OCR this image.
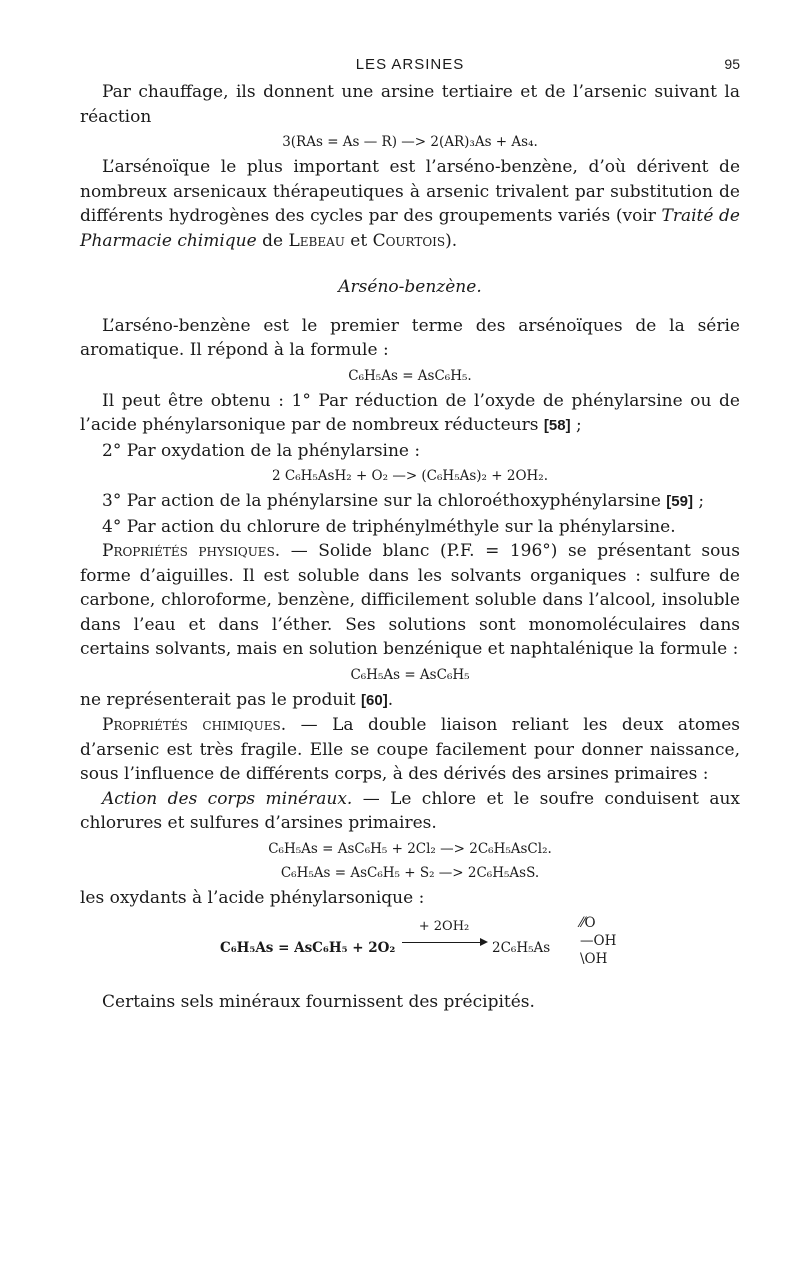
LES ARSINES	95

Par chauffage, ils donnent une arsine tertiaire et de l’arsenic suivant la réaction

3(RAs = As — R) —> 2(AR)₃As + As₄.

L’arsénoïque le plus important est l’arséno-benzène, d’où dérivent de nombreux arsenicaux thérapeutiques à arsenic trivalent par substitution de différents hydrogènes des cycles par des groupements variés (voir Traité de Pharmacie chimique de Lebeau et Courtois).

Arséno-benzène.

L’arséno-benzène est le premier terme des arsénoïques de la série aromatique. Il répond à la formule :

C₆H₅As = AsC₆H₅.

Il peut être obtenu : 1° Par réduction de l’oxyde de phénylarsine ou de l’acide phénylarsonique par de nombreux réducteurs [58] ;

2° Par oxydation de la phénylarsine :

2 C₆H₅AsH₂ + O₂ —> (C₆H₅As)₂ + 2OH₂.

3° Par action de la phénylarsine sur la chloroéthoxyphénylarsine [59] ;

4° Par action du chlorure de triphénylméthyle sur la phénylarsine.

Propriétés physiques. — Solide blanc (P.F. = 196°) se présentant sous forme d’aiguilles. Il est soluble dans les solvants organiques : sulfure de carbone, chloroforme, benzène, difficilement soluble dans l’alcool, insoluble dans l’eau et dans l’éther. Ses solutions sont monomoléculaires dans certains solvants, mais en solution benzénique et naphtalénique la formule :

C₆H₅As = AsC₆H₅

ne représenterait pas le produit [60].

Propriétés chimiques. — La double liaison reliant les deux atomes d’arsenic est très fragile. Elle se coupe facilement pour donner naissance, sous l’influence de différents corps, à des dérivés des arsines primaires :

Action des corps minéraux. — Le chlore et le soufre conduisent aux chlorures et sulfures d’arsines primaires.

C₆H₅As = AsC₆H₅ + 2Cl₂ —> 2C₆H₅AsCl₂.

C₆H₅As = AsC₆H₅ + S₂ —> 2C₆H₅AsS.

les oxydants à l’acide phénylarsonique :

C₆H₅As = AsC₆H₅ + 2O₂
+ 2OH₂
2C₆H₅As
⁄⁄O
—OH
\OH

Certains sels minéraux fournissent des précipités.
